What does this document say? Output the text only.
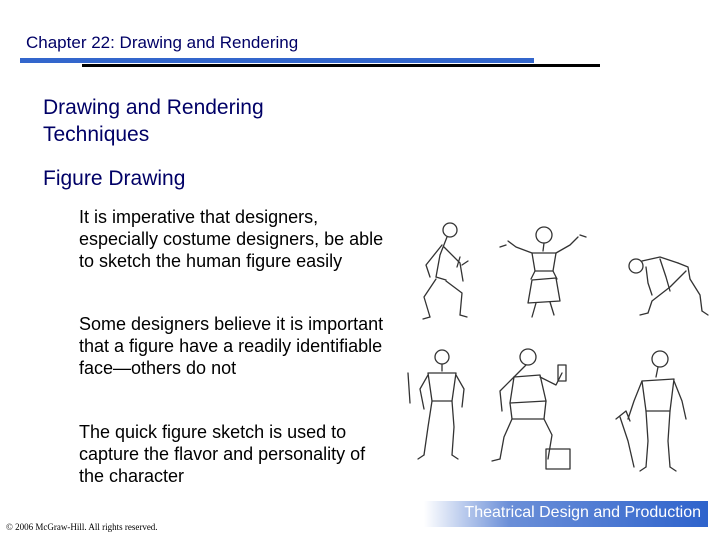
Chapter 22: Drawing and Rendering
Drawing and Rendering Techniques
Figure Drawing
It is imperative that designers, especially costume designers, be able to sketch the human figure easily
Some designers believe it is important that a figure have a readily identifiable face—others do not
The quick figure sketch is used to capture the flavor and personality of the character
Theatrical Design and Production
© 2006 McGraw-Hill. All rights reserved.
